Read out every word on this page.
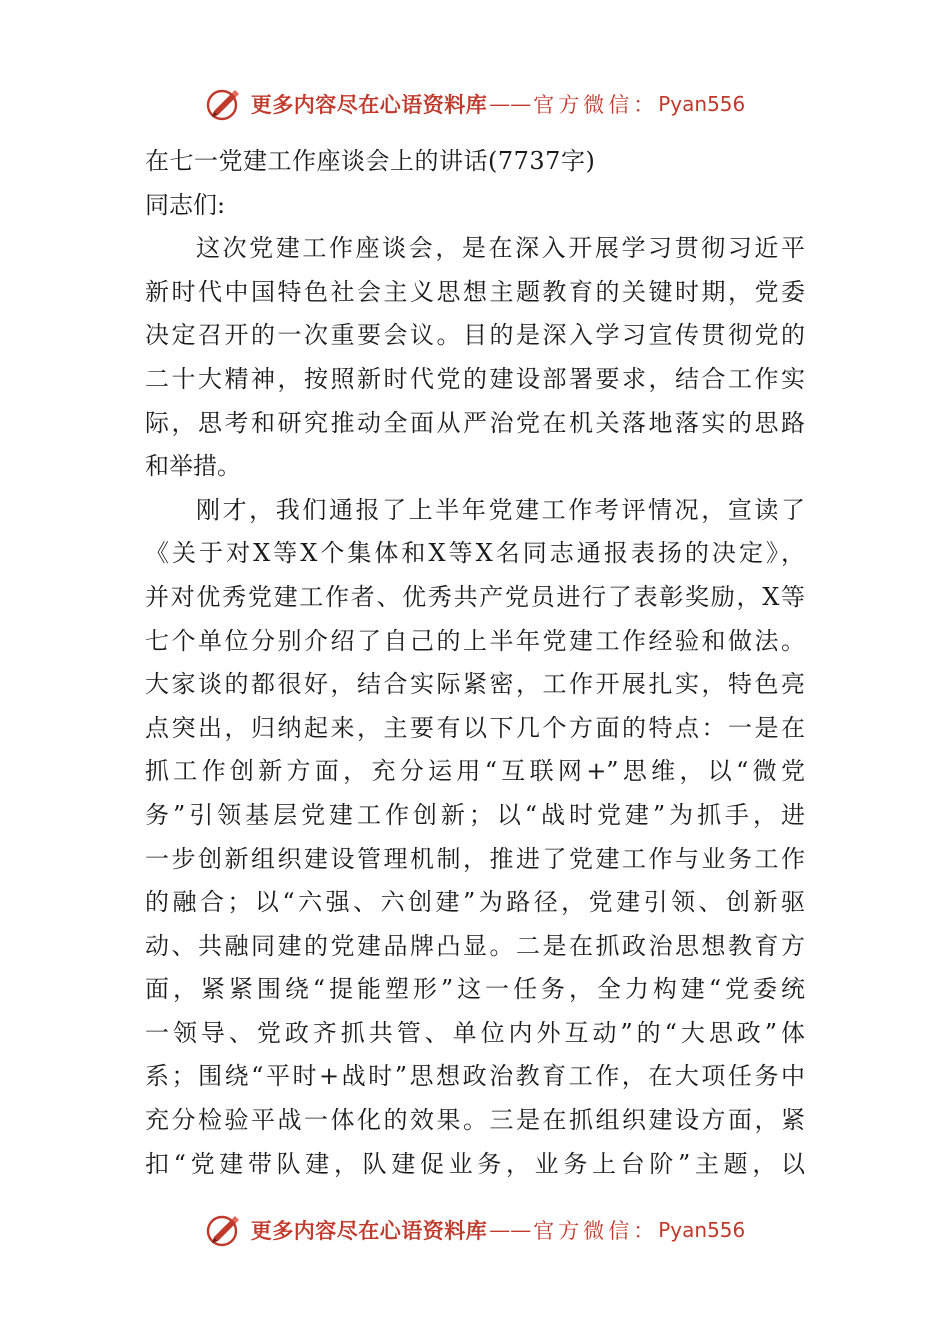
更多内容尽在心语资料库 —— 官方微信： Pyan556
在七一党建工作座谈会上的讲话(7737字)
同志们:
这次党建工作座谈会，是在深入开展学习贯彻习近平
新时代中国特色社会主义思想主题教育的关键时期，党委
决定召开的一次重要会议。目的是深入学习宣传贯彻党的
二十大精神，按照新时代党的建设部署要求，结合工作实
际，思考和研究推动全面从严治党在机关落地落实的思路
和举措。
刚才，我们通报了上半年党建工作考评情况，宣读了
《关于对X等X个集体和X等X名同志通报表扬的决定》，
并对优秀党建工作者、优秀共产党员进行了表彰奖励，X等
七个单位分别介绍了自己的上半年党建工作经验和做法。
大家谈的都很好，结合实际紧密，工作开展扎实，特色亮
点突出，归纳起来，主要有以下几个方面的特点：一是在
抓工作创新方面，充分运用“互联网+”思维，以“微党
务”引领基层党建工作创新；以“战时党建”为抓手，进
一步创新组织建设管理机制，推进了党建工作与业务工作
的融合；以“六强、六创建”为路径，党建引领、创新驱
动、共融同建的党建品牌凸显。二是在抓政治思想教育方
面，紧紧围绕“提能塑形”这一任务，全力构建“党委统
一领导、党政齐抓共管、单位内外互动”的“大思政”体
系；围绕“平时+战时”思想政治教育工作，在大项任务中
充分检验平战一体化的效果。三是在抓组织建设方面，紧
扣“党建带队建，队建促业务，业务上台阶”主题，以
更多内容尽在心语资料库 —— 官方微信： Pyan556
